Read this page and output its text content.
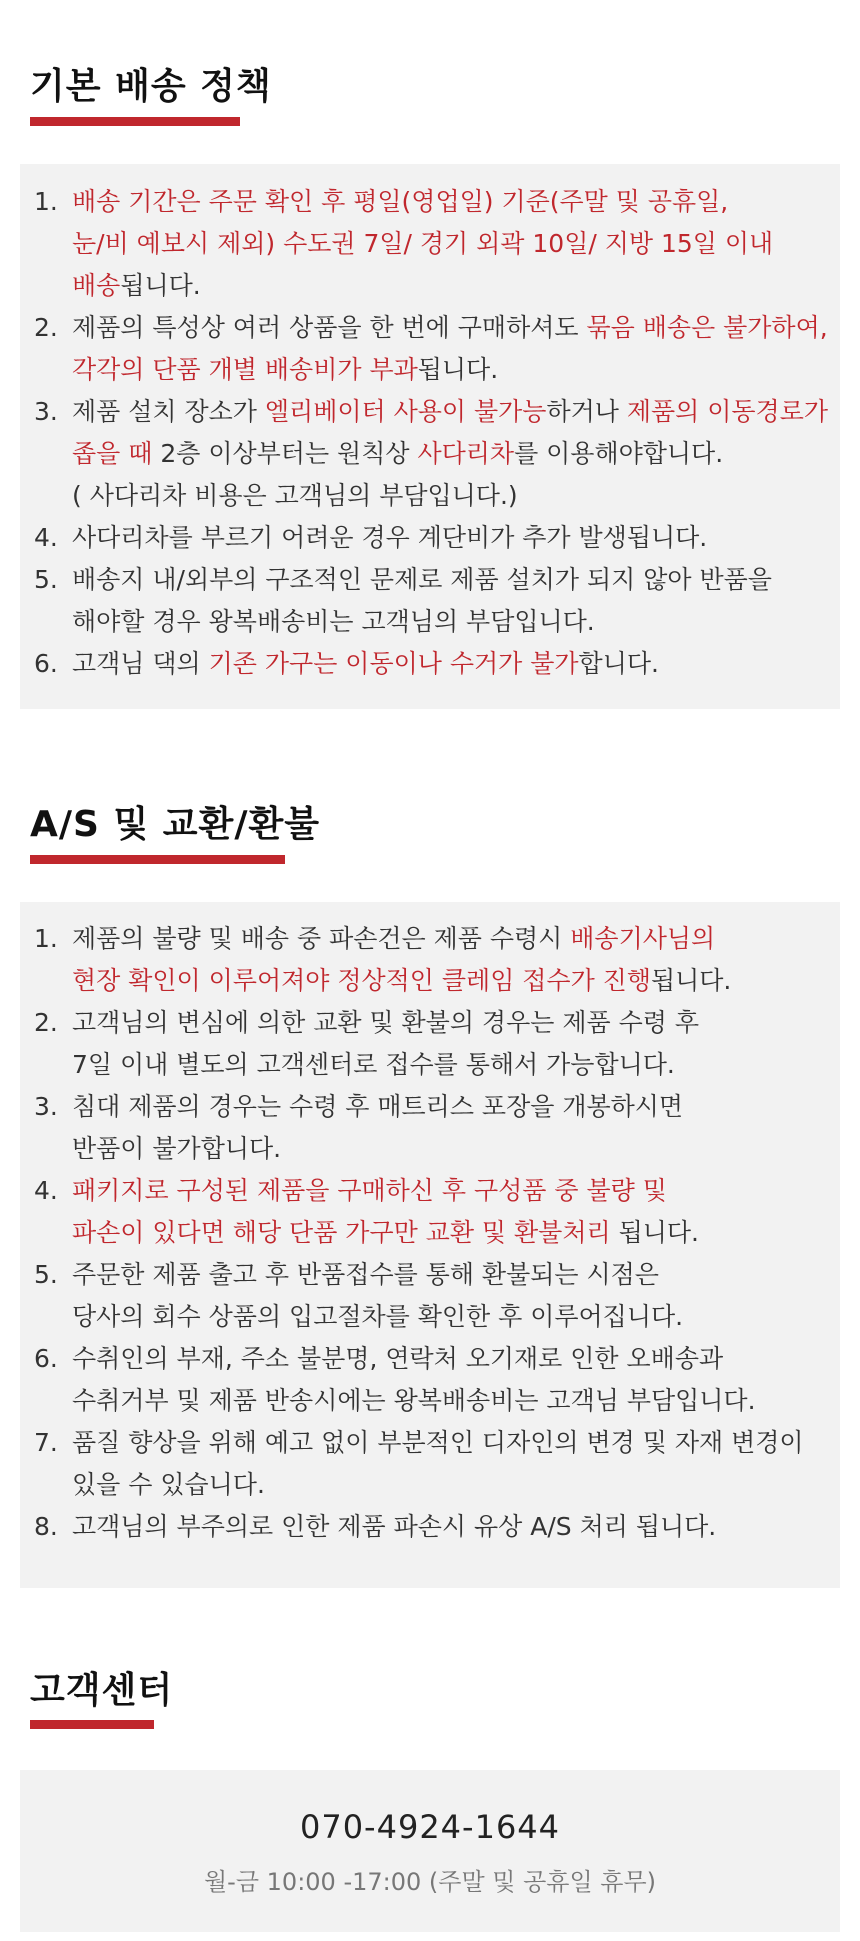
기본 배송 정책
1. 배송 기간은 주문 확인 후 평일(영업일) 기준(주말 및 공휴일,
눈/비 예보시 제외) 수도권 7일/ 경기 외곽 10일/ 지방 15일 이내
배송됩니다.
2. 제품의 특성상 여러 상품을 한 번에 구매하셔도 묶음 배송은 불가하여,
각각의 단품 개별 배송비가 부과됩니다.
3. 제품 설치 장소가 엘리베이터 사용이 불가능하거나 제품의 이동경로가
좁을 때 2층 이상부터는 원칙상 사다리차를 이용해야합니다.
( 사다리차 비용은 고객님의 부담입니다.)
4. 사다리차를 부르기 어려운 경우 계단비가 추가 발생됩니다.
5. 배송지 내/외부의 구조적인 문제로 제품 설치가 되지 않아 반품을
해야할 경우 왕복배송비는 고객님의 부담입니다.
6. 고객님 댁의 기존 가구는 이동이나 수거가 불가합니다.
A/S 및 교환/환불
1. 제품의 불량 및 배송 중 파손건은 제품 수령시 배송기사님의
현장 확인이 이루어져야 정상적인 클레임 접수가 진행됩니다.
2. 고객님의 변심에 의한 교환 및 환불의 경우는 제품 수령 후
7일 이내 별도의 고객센터로 접수를 통해서 가능합니다.
3. 침대 제품의 경우는 수령 후 매트리스 포장을 개봉하시면
반품이 불가합니다.
4. 패키지로 구성된 제품을 구매하신 후 구성품 중 불량 및
파손이 있다면 해당 단품 가구만 교환 및 환불처리 됩니다.
5. 주문한 제품 출고 후 반품접수를 통해 환불되는 시점은
당사의 회수 상품의 입고절차를 확인한 후 이루어집니다.
6. 수취인의 부재, 주소 불분명, 연락처 오기재로 인한 오배송과
수취거부 및 제품 반송시에는 왕복배송비는 고객님 부담입니다.
7. 품질 향상을 위해 예고 없이 부분적인 디자인의 변경 및 자재 변경이
있을 수 있습니다.
8. 고객님의 부주의로 인한 제품 파손시 유상 A/S 처리 됩니다.
고객센터
070-4924-1644
월-금 10:00 -17:00 (주말 및 공휴일 휴무)
